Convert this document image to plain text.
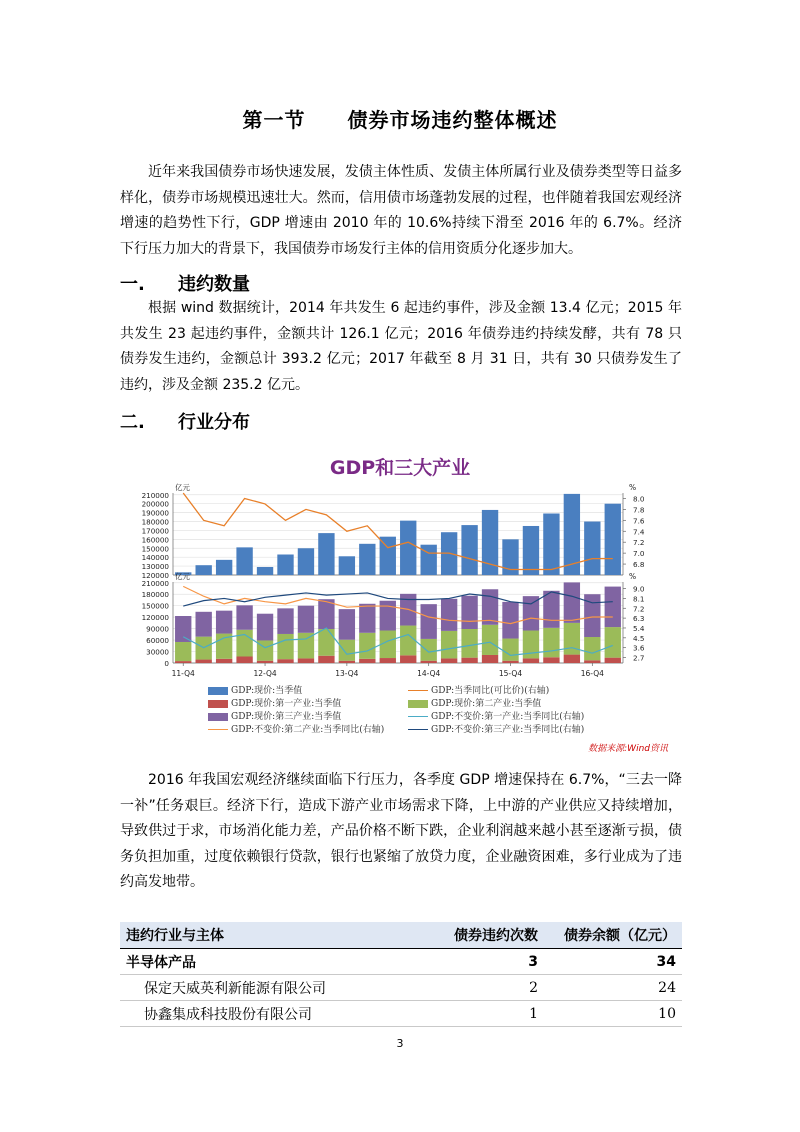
第一节　　债券市场违约整体概述
近年来我国债券市场快速发展，发债主体性质、发债主体所属行业及债券类型等日益多样化，债券市场规模迅速壮大。然而，信用债市场蓬勃发展的过程，也伴随着我国宏观经济增速的趋势性下行，GDP 增速由 2010 年的 10.6%持续下滑至 2016 年的 6.7%。经济下行压力加大的背景下，我国债券市场发行主体的信用资质分化逐步加大。
一. 违约数量
根据 wind 数据统计，2014 年共发生 6 起违约事件，涉及金额 13.4 亿元；2015 年共发生 23 起违约事件，金额共计 126.1 亿元；2016 年债券违约持续发酵，共有 78 只债券发生违约，金额总计 393.2 亿元；2017 年截至 8 月 31 日，共有 30 只债券发生了违约，涉及金额 235.2 亿元。
二. 行业分布
GDP和三大产业
120000
130000
140000
150000
160000
170000
180000
190000
200000
210000
6.8
7.0
7.2
7.4
7.6
7.8
8.0
亿元	%
0
30000
60000
90000
120000
150000
180000
210000
2.7
3.6
4.5
5.4
6.3
7.2
8.1
9.0
亿元	%
11-Q4	12-Q4	13-Q4	14-Q4	15-Q4	16-Q4
GDP:现价:当季值	GDP:当季同比(可比价)(右轴)
GDP:现价:第一产业:当季值	GDP:现价:第二产业:当季值
GDP:现价:第三产业:当季值	GDP:不变价:第一产业:当季同比(右轴)
GDP:不变价:第二产业:当季同比(右轴)	GDP:不变价:第三产业:当季同比(右轴)
数据来源:Wind资讯
2016 年我国宏观经济继续面临下行压力，各季度 GDP 增速保持在 6.7%，“三去一降一补”任务艰巨。经济下行，造成下游产业市场需求下降，上中游的产业供应又持续增加，导致供过于求，市场消化能力差，产品价格不断下跌，企业利润越来越小甚至逐渐亏损，债务负担加重，过度依赖银行贷款，银行也紧缩了放贷力度，企业融资困难，多行业成为了违约高发地带。
违约行业与主体	债券违约次数	债券余额（亿元）
半导体产品	3	34
保定天威英利新能源有限公司	2	24
协鑫集成科技股份有限公司	1	10
3
